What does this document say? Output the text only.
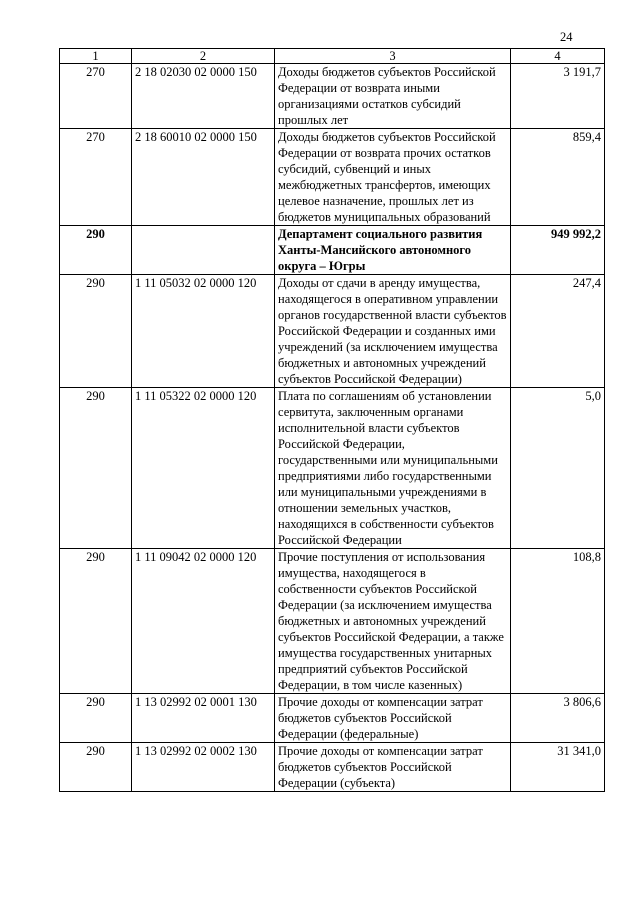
24
1	2	3	4
270	2 18 02030 02 0000 150	Доходы бюджетов субъектов Российской Федерации от возврата иными организациями остатков субсидий прошлых лет	3 191,7
270	2 18 60010 02 0000 150	Доходы бюджетов субъектов Российской Федерации от возврата прочих остатков субсидий, субвенций и иных межбюджетных трансфертов, имеющих целевое назначение, прошлых лет из бюджетов муниципальных образований	859,4
290		Департамент социального развития Ханты-Мансийского автономного округа – Югры	949 992,2
290	1 11 05032 02 0000 120	Доходы от сдачи в аренду имущества, находящегося в оперативном управлении органов государственной власти субъектов Российской Федерации и созданных ими учреждений (за исключением имущества бюджетных и автономных учреждений субъектов Российской Федерации)	247,4
290	1 11 05322 02 0000 120	Плата по соглашениям об установлении сервитута, заключенным органами исполнительной власти субъектов Российской Федерации, государственными или муниципальными предприятиями либо государственными или муниципальными учреждениями в отношении земельных участков, находящихся в собственности субъектов Российской Федерации	5,0
290	1 11 09042 02 0000 120	Прочие поступления от использования имущества, находящегося в собственности субъектов Российской Федерации (за исключением имущества бюджетных и автономных учреждений субъектов Российской Федерации, а также имущества государственных унитарных предприятий субъектов Российской Федерации, в том числе казенных)	108,8
290	1 13 02992 02 0001 130	Прочие доходы от компенсации затрат бюджетов субъектов Российской Федерации (федеральные)	3 806,6
290	1 13 02992 02 0002 130	Прочие доходы от компенсации затрат бюджетов субъектов Российской Федерации (субъекта)	31 341,0
